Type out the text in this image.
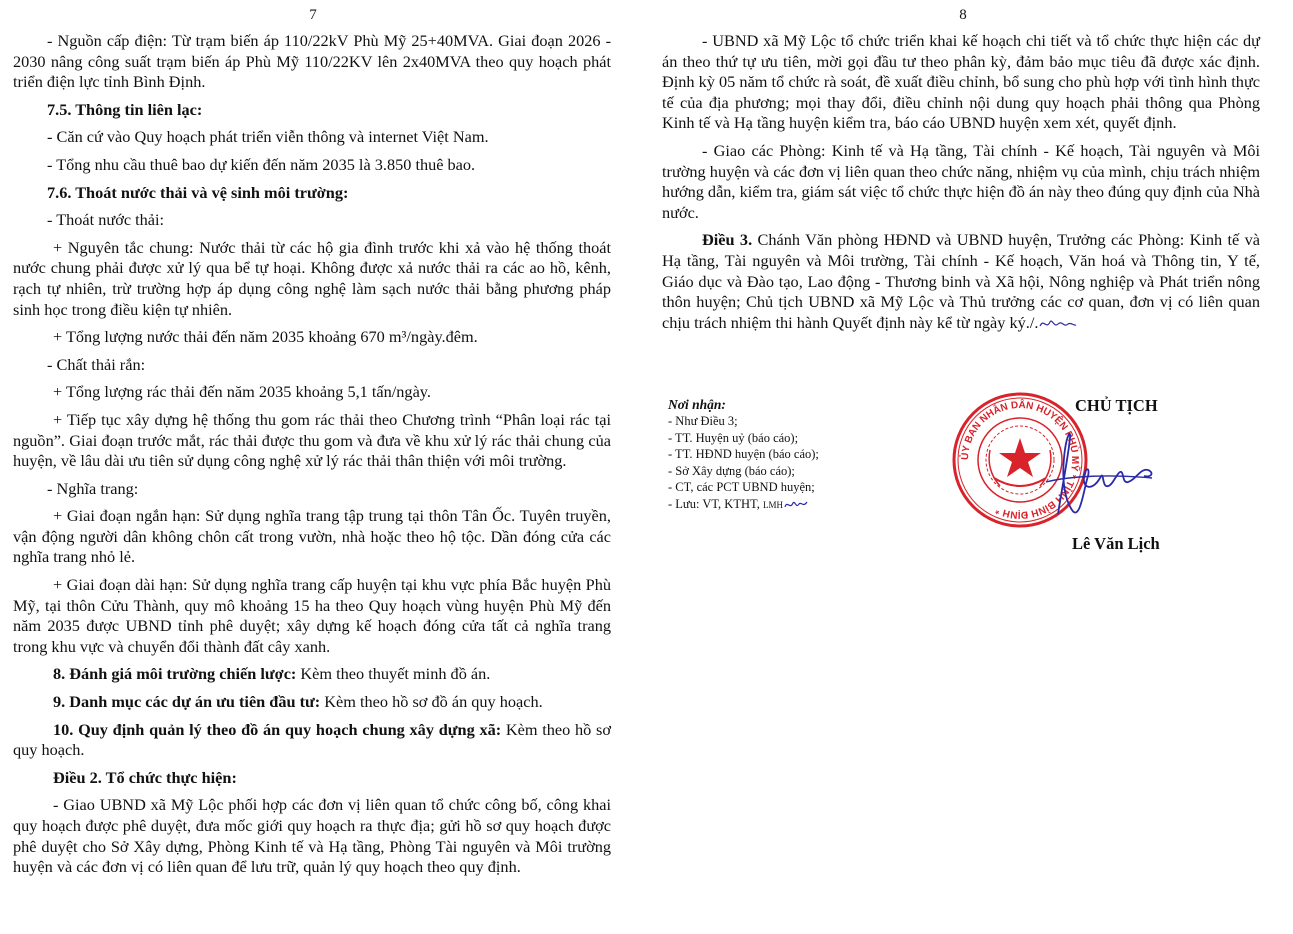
7

- Nguồn cấp điện: Từ trạm biến áp 110/22kV Phù Mỹ 25+40MVA. Giai đoạn 2026 - 2030 nâng công suất trạm biến áp Phù Mỹ 110/22KV lên 2x40MVA theo quy hoạch phát triển điện lực tỉnh Bình Định.

7.5. Thông tin liên lạc:

- Căn cứ vào Quy hoạch phát triển viễn thông và internet Việt Nam.

- Tổng nhu cầu thuê bao dự kiến đến năm 2035 là 3.850 thuê bao.

7.6. Thoát nước thải và vệ sinh môi trường:

- Thoát nước thải:

+ Nguyên tắc chung: Nước thải từ các hộ gia đình trước khi xả vào hệ thống thoát nước chung phải được xử lý qua bể tự hoại. Không được xả nước thải ra các ao hồ, kênh, rạch tự nhiên, trừ trường hợp áp dụng công nghệ làm sạch nước thải bằng phương pháp sinh học trong điều kiện tự nhiên.

+ Tổng lượng nước thải đến năm 2035 khoảng 670 m³/ngày.đêm.

- Chất thải rắn:

+ Tổng lượng rác thải đến năm 2035 khoảng 5,1 tấn/ngày.

+ Tiếp tục xây dựng hệ thống thu gom rác thải theo Chương trình “Phân loại rác tại nguồn”. Giai đoạn trước mắt, rác thải được thu gom và đưa về khu xử lý rác thải chung của huyện, về lâu dài ưu tiên sử dụng công nghệ xử lý rác thải thân thiện với môi trường.

- Nghĩa trang:

+ Giai đoạn ngắn hạn: Sử dụng nghĩa trang tập trung tại thôn Tân Ốc. Tuyên truyền, vận động người dân không chôn cất trong vườn, nhà hoặc theo hộ tộc. Dần đóng cửa các nghĩa trang nhỏ lẻ.

+ Giai đoạn dài hạn: Sử dụng nghĩa trang cấp huyện tại khu vực phía Bắc huyện Phù Mỹ, tại thôn Cửu Thành, quy mô khoảng 15 ha theo Quy hoạch vùng huyện Phù Mỹ đến năm 2035 được UBND tỉnh phê duyệt; xây dựng kế hoạch đóng cửa tất cả nghĩa trang trong khu vực và chuyển đổi thành đất cây xanh.

8. Đánh giá môi trường chiến lược: Kèm theo thuyết minh đồ án.

9. Danh mục các dự án ưu tiên đầu tư: Kèm theo hồ sơ đồ án quy hoạch.

10. Quy định quản lý theo đồ án quy hoạch chung xây dựng xã: Kèm theo hồ sơ quy hoạch.

Điều 2. Tổ chức thực hiện:

- Giao UBND xã Mỹ Lộc phối hợp các đơn vị liên quan tổ chức công bố, công khai quy hoạch được phê duyệt, đưa mốc giới quy hoạch ra thực địa; gửi hồ sơ quy hoạch được phê duyệt cho Sở Xây dựng, Phòng Kinh tế và Hạ tầng, Phòng Tài nguyên và Môi trường huyện và các đơn vị có liên quan để lưu trữ, quản lý quy hoạch theo quy định.

8

- UBND xã Mỹ Lộc tổ chức triển khai kế hoạch chi tiết và tổ chức thực hiện các dự án theo thứ tự ưu tiên, mời gọi đầu tư theo phân kỳ, đảm bảo mục tiêu đã được xác định. Định kỳ 05 năm tổ chức rà soát, đề xuất điều chỉnh, bổ sung cho phù hợp với tình hình thực tế của địa phương; mọi thay đổi, điều chỉnh nội dung quy hoạch phải thông qua Phòng Kinh tế và Hạ tầng huyện kiểm tra, báo cáo UBND huyện xem xét, quyết định.

- Giao các Phòng: Kinh tế và Hạ tầng, Tài chính - Kế hoạch, Tài nguyên và Môi trường huyện và các đơn vị liên quan theo chức năng, nhiệm vụ của mình, chịu trách nhiệm hướng dẫn, kiểm tra, giám sát việc tổ chức thực hiện đồ án này theo đúng quy định của Nhà nước.

Điều 3. Chánh Văn phòng HĐND và UBND huyện, Trưởng các Phòng: Kinh tế và Hạ tầng, Tài nguyên và Môi trường, Tài chính - Kế hoạch, Văn hoá và Thông tin, Y tế, Giáo dục và Đào tạo, Lao động - Thương binh và Xã hội, Nông nghiệp và Phát triển nông thôn huyện; Chủ tịch UBND xã Mỹ Lộc và Thủ trưởng các cơ quan, đơn vị có liên quan chịu trách nhiệm thi hành Quyết định này kể từ ngày ký./.

Nơi nhận:
- Như Điều 3;
- TT. Huyện uỷ (báo cáo);
- TT. HĐND huyện (báo cáo);
- Sở Xây dựng (báo cáo);
- CT, các PCT UBND huyện;
- Lưu: VT, KTHT, LMH
ỦY BAN NHÂN DÂN HUYỆN PHÙ MỸ * TỈNH BÌNH ĐỊNH *
CHỦ TỊCH
Lê Văn Lịch
